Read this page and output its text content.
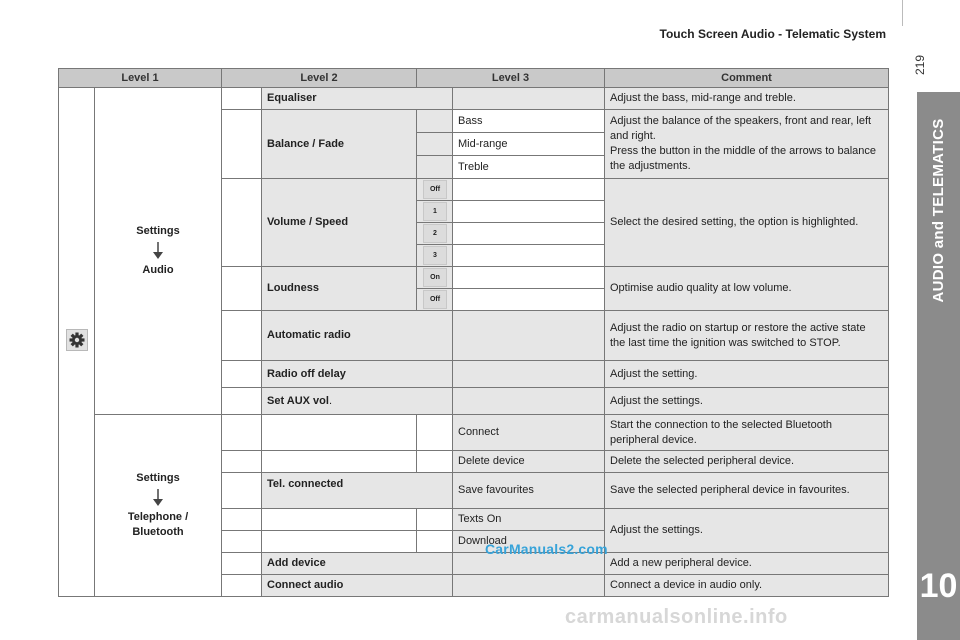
Touch Screen Audio - Telematic System
219
AUDIO and TELEMATICS
10
Level 1		Level 2		Level 3		Comment

Settings
Audio		Equaliser			Adjust the bass, mid-range and treble.
			Balance / Fade		Bass	Adjust the balance of the speakers, front and rear, left and right.
Press the button in the middle of the arrows to balance the adjustments.
					Mid-range	
					Treble	
			Volume / Speed	Off		Select the desired setting, the option is highlighted.
				1		
				2		
				3		
			Loudness	On		Optimise audio quality at low volume.
				Off		
			Automatic radio			Adjust the radio on startup or restore the active state the last time the ignition was switched to STOP.
			Radio off delay			Adjust the setting.
			Set AUX vol.			Adjust the settings.

	Settings
Telephone /
Bluetooth				Connect	Start the connection to the selected Bluetooth peripheral device.
					Delete device	Delete the selected peripheral device.
			Tel. connected		Save favourites	Save the selected peripheral device in favourites.
					Texts On	Adjust the settings.
					Download	
			Add device			Add a new peripheral device.
			Connect audio			Connect a device in audio only.
CarManuals2.com
carmanualsonline.info
